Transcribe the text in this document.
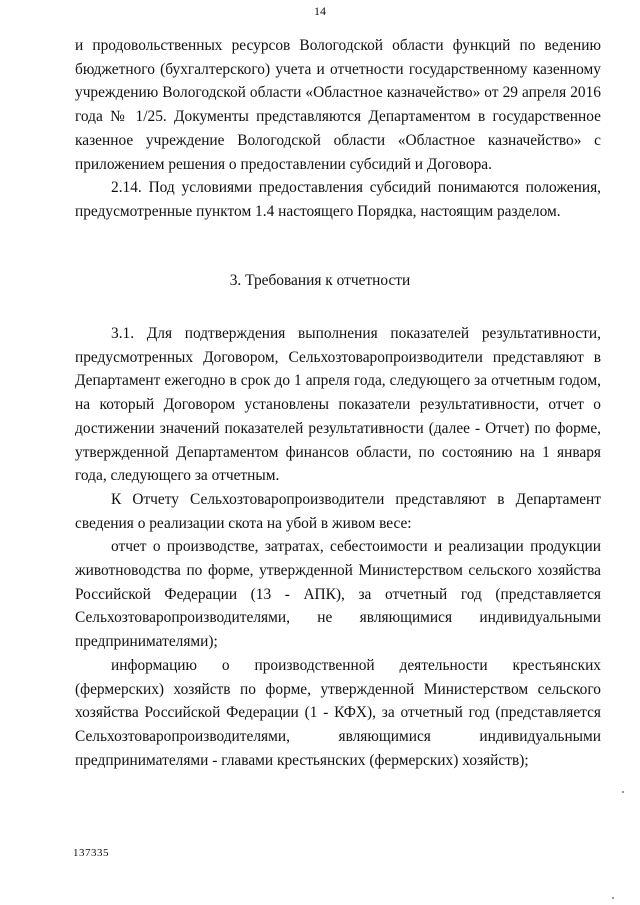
14

и продовольственных ресурсов Вологодской области функций по ведению бюджетного (бухгалтерского) учета и отчетности государственному казенному учреждению Вологодской области «Областное казначейство» от 29 апреля 2016 года № 1/25. Документы представляются Департаментом в государственное казенное учреждение Вологодской области «Областное казначейство» с приложением решения о предоставлении субсидий и Договора.

2.14. Под условиями предоставления субсидий понимаются положения, предусмотренные пунктом 1.4 настоящего Порядка, настоящим разделом.

3. Требования к отчетности

3.1. Для подтверждения выполнения показателей результативности, предусмотренных Договором, Сельхозтоваропроизводители представляют в Департамент ежегодно в срок до 1 апреля года, следующего за отчетным годом, на который Договором установлены показатели результативности, отчет о достижении значений показателей результативности (далее - Отчет) по форме, утвержденной Департаментом финансов области, по состоянию на 1 января года, следующего за отчетным.

К Отчету Сельхозтоваропроизводители представляют в Департамент сведения о реализации скота на убой в живом весе:

отчет о производстве, затратах, себестоимости и реализации продукции животноводства по форме, утвержденной Министерством сельского хозяйства Российской Федерации (13 - АПК), за отчетный год (представляется Сельхозтоваропроизводителями, не являющимися индивидуальными предпринимателями);

информацию о производственной деятельности крестьянских (фермерских) хозяйств по форме, утвержденной Министерством сельского хозяйства Российской Федерации (1 - КФХ), за отчетный год (представляется Сельхозтоваропроизводителями, являющимися индивидуальными предпринимателями - главами крестьянских (фермерских) хозяйств);

137335
